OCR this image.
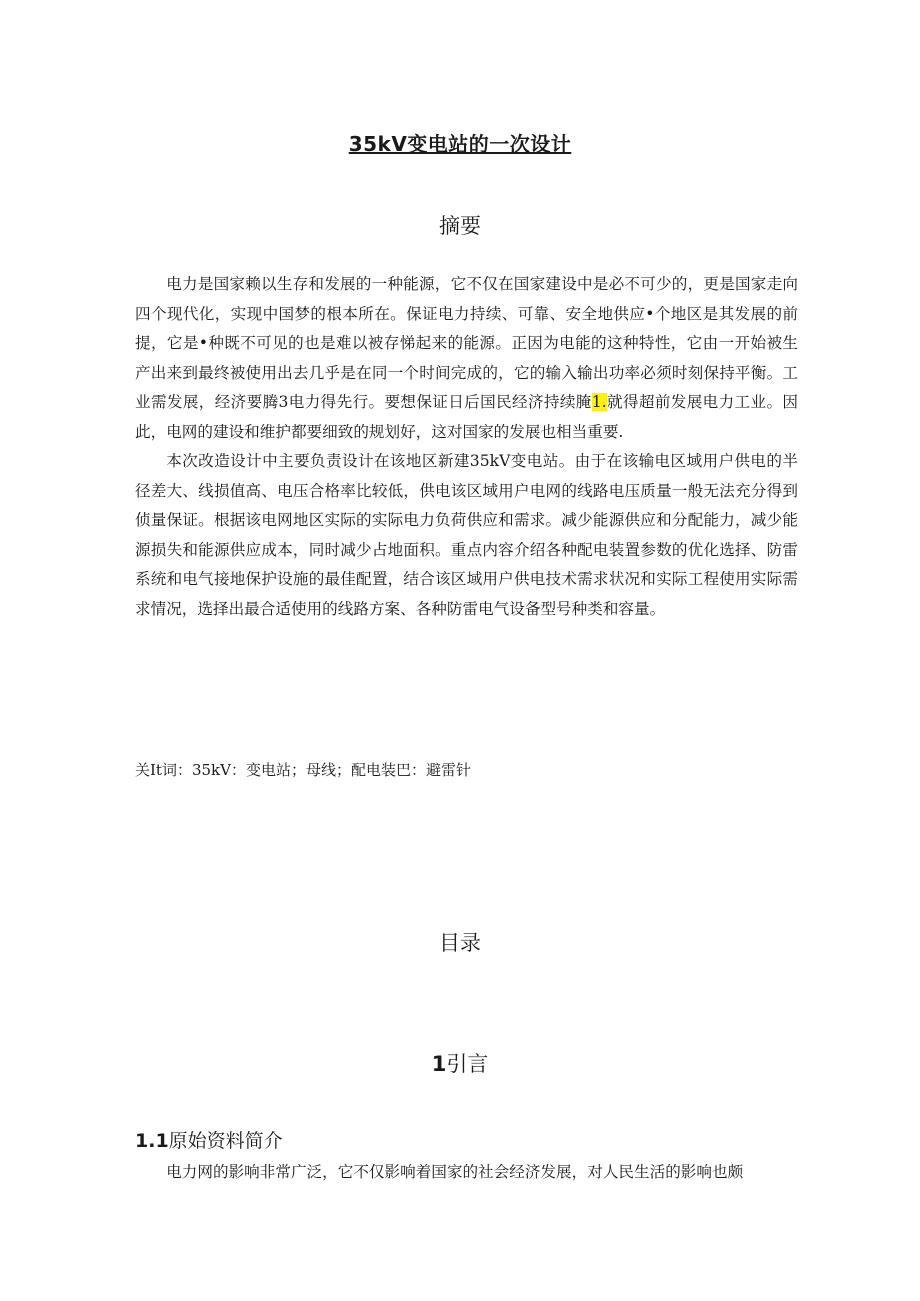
35kV变电站的一次设计
摘要

电力是国家赖以生存和发展的一种能源，它不仅在国家建设中是必不可少的，更是国家走向四个现代化，实现中国梦的根本所在。保证电力持续、可靠、安全地供应•个地区是其发展的前提，它是•种既不可见的也是难以被存悌起来的能源。正因为电能的这种特性，它由一开始被生产出来到最终被使用出去几乎是在同一个时间完成的，它的输入输出功率必须时刻保持平衡。工业需发展，经济要腾3电力得先行。要想保证日后国民经济持续腌1.就得超前发展电力工业。因此，电网的建设和维护都要细致的规划好，这对国家的发展也相当重要.

本次改造设计中主要负责设计在该地区新建35kV变电站。由于在该输电区域用户供电的半径差大、线损值高、电压合格率比较低，供电该区域用户电网的线路电压质量一般无法充分得到侦量保证。根据该电网地区实际的实际电力负荷供应和需求。减少能源供应和分配能力，减少能源损失和能源供应成本，同时减少占地面积。重点内容介绍各种配电装置参数的优化选择、防雷系统和电气接地保护设施的最佳配置，结合该区域用户供电技术需求状况和实际工程使用实际需求情况，选择出最合适使用的线路方案、各种防雷电气设备型号种类和容量。

关It词：35kV：变电站；母线；配电装巴：避雷针
目录
1引言
1.1原始资料简介

电力网的影响非常广泛，它不仅影响着国家的社会经济发展，对人民生活的影响也颇
